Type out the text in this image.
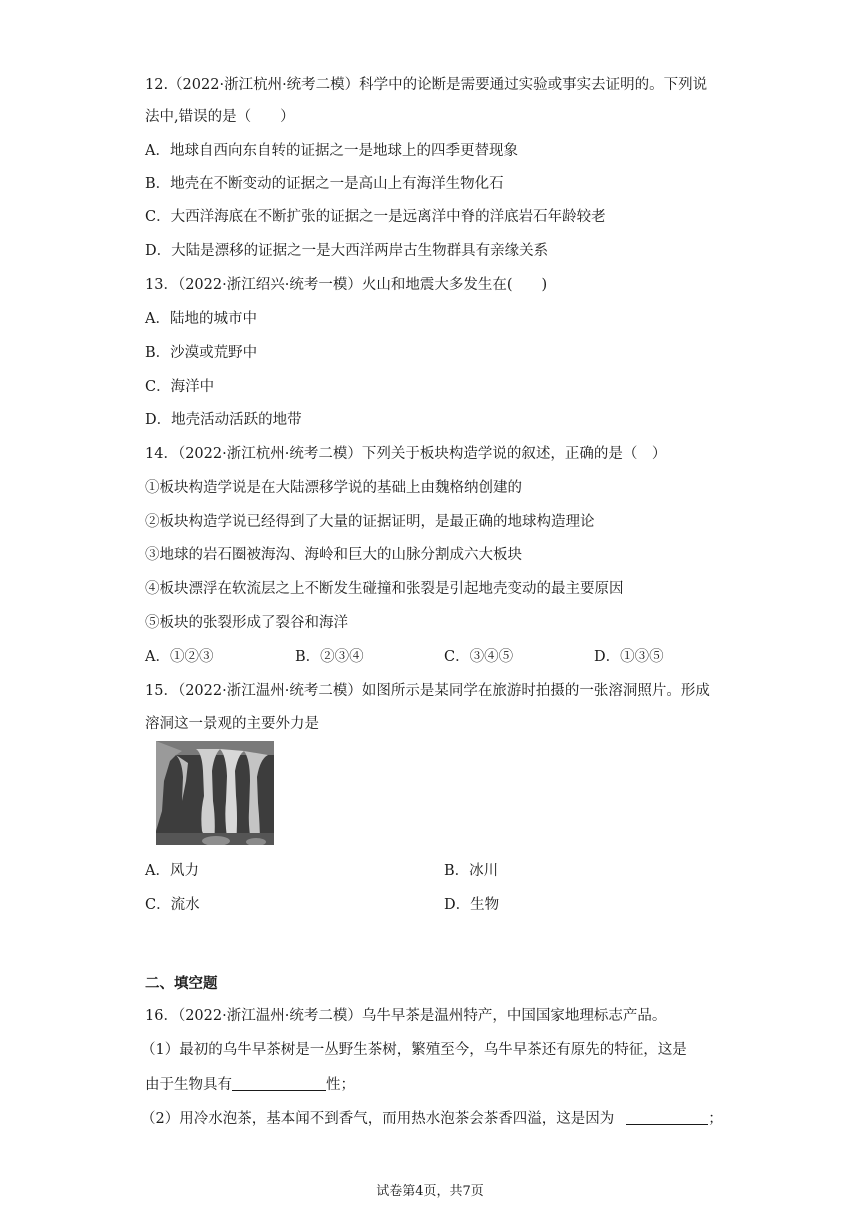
12.（2022·浙江杭州·统考二模）科学中的论断是需要通过实验或事实去证明的。下列说
法中,错误的是（　　）
A．地球自西向东自转的证据之一是地球上的四季更替现象
B．地壳在不断变动的证据之一是高山上有海洋生物化石
C．大西洋海底在不断扩张的证据之一是远离洋中脊的洋底岩石年龄较老
D．大陆是漂移的证据之一是大西洋两岸古生物群具有亲缘关系
13．（2022·浙江绍兴·统考一模）火山和地震大多发生在(　　)
A．陆地的城市中
B．沙漠或荒野中
C．海洋中
D．地壳活动活跃的地带
14．（2022·浙江杭州·统考二模）下列关于板块构造学说的叙述，正确的是（　）
①板块构造学说是在大陆漂移学说的基础上由魏格纳创建的
②板块构造学说已经得到了大量的证据证明，是最正确的地球构造理论
③地球的岩石圈被海沟、海岭和巨大的山脉分割成六大板块
④板块漂浮在软流层之上不断发生碰撞和张裂是引起地壳变动的最主要原因
⑤板块的张裂形成了裂谷和海洋
A．①②③	B．②③④	C．③④⑤	D．①③⑤
15．（2022·浙江温州·统考二模）如图所示是某同学在旅游时拍摄的一张溶洞照片。形成
溶洞这一景观的主要外力是
A．风力	B．冰川
C．流水	D．生物
二、填空题
16．（2022·浙江温州·统考二模）乌牛早茶是温州特产，中国国家地理标志产品。
（1）最初的乌牛早茶树是一丛野生茶树，繁殖至今，乌牛早茶还有原先的特征，这是
由于生物具有	性；
（2）用冷水泡茶，基本闻不到香气，而用热水泡茶会茶香四溢，这是因为	；
试卷第4页，共7页
